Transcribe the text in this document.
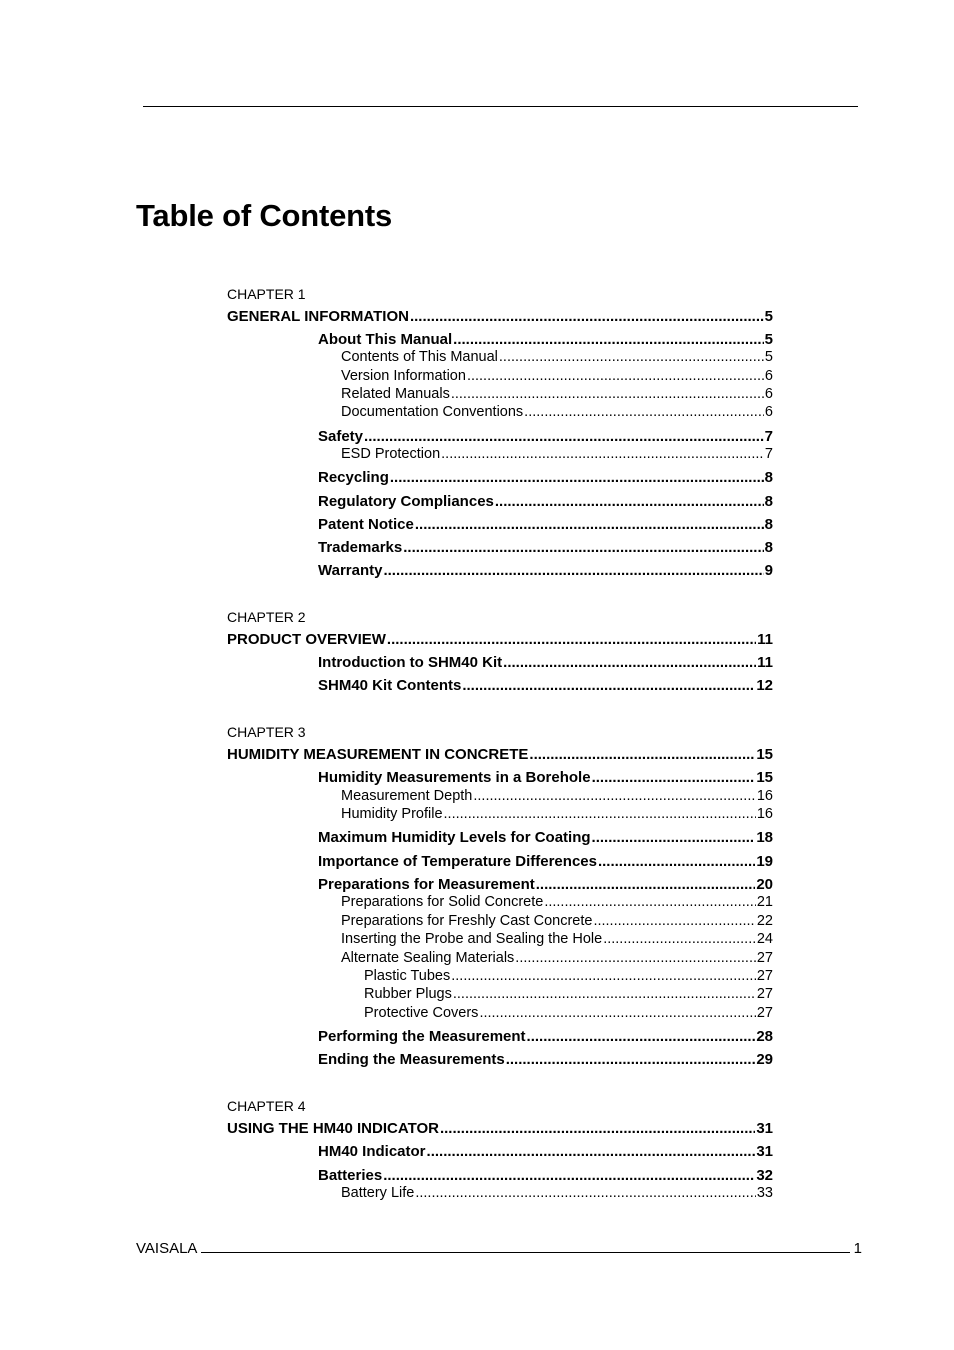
Table of Contents
CHAPTER 1
GENERAL INFORMATION .....	5
About This Manual .....	5
Contents of This Manual .....	5
Version Information .....	6
Related Manuals .....	6
Documentation Conventions .....	6
Safety .....	7
ESD Protection .....	7
Recycling .....	8
Regulatory Compliances .....	8
Patent Notice .....	8
Trademarks .....	8
Warranty .....	9
CHAPTER 2
PRODUCT OVERVIEW .....	11
Introduction to SHM40 Kit .....	11
SHM40 Kit Contents .....	12
CHAPTER 3
HUMIDITY MEASUREMENT IN CONCRETE .....	15
Humidity Measurements in a Borehole .....	15
Measurement Depth .....	16
Humidity Profile .....	16
Maximum Humidity Levels for Coating .....	18
Importance of Temperature Differences .....	19
Preparations for Measurement .....	20
Preparations for Solid Concrete .....	21
Preparations for Freshly Cast Concrete .....	22
Inserting the Probe and Sealing the Hole .....	24
Alternate Sealing Materials .....	27
Plastic Tubes .....	27
Rubber Plugs .....	27
Protective Covers .....	27
Performing the Measurement .....	28
Ending the Measurements .....	29
CHAPTER 4
USING THE HM40 INDICATOR .....	31
HM40 Indicator .....	31
Batteries .....	32
Battery Life .....	33
VAISALA	1
